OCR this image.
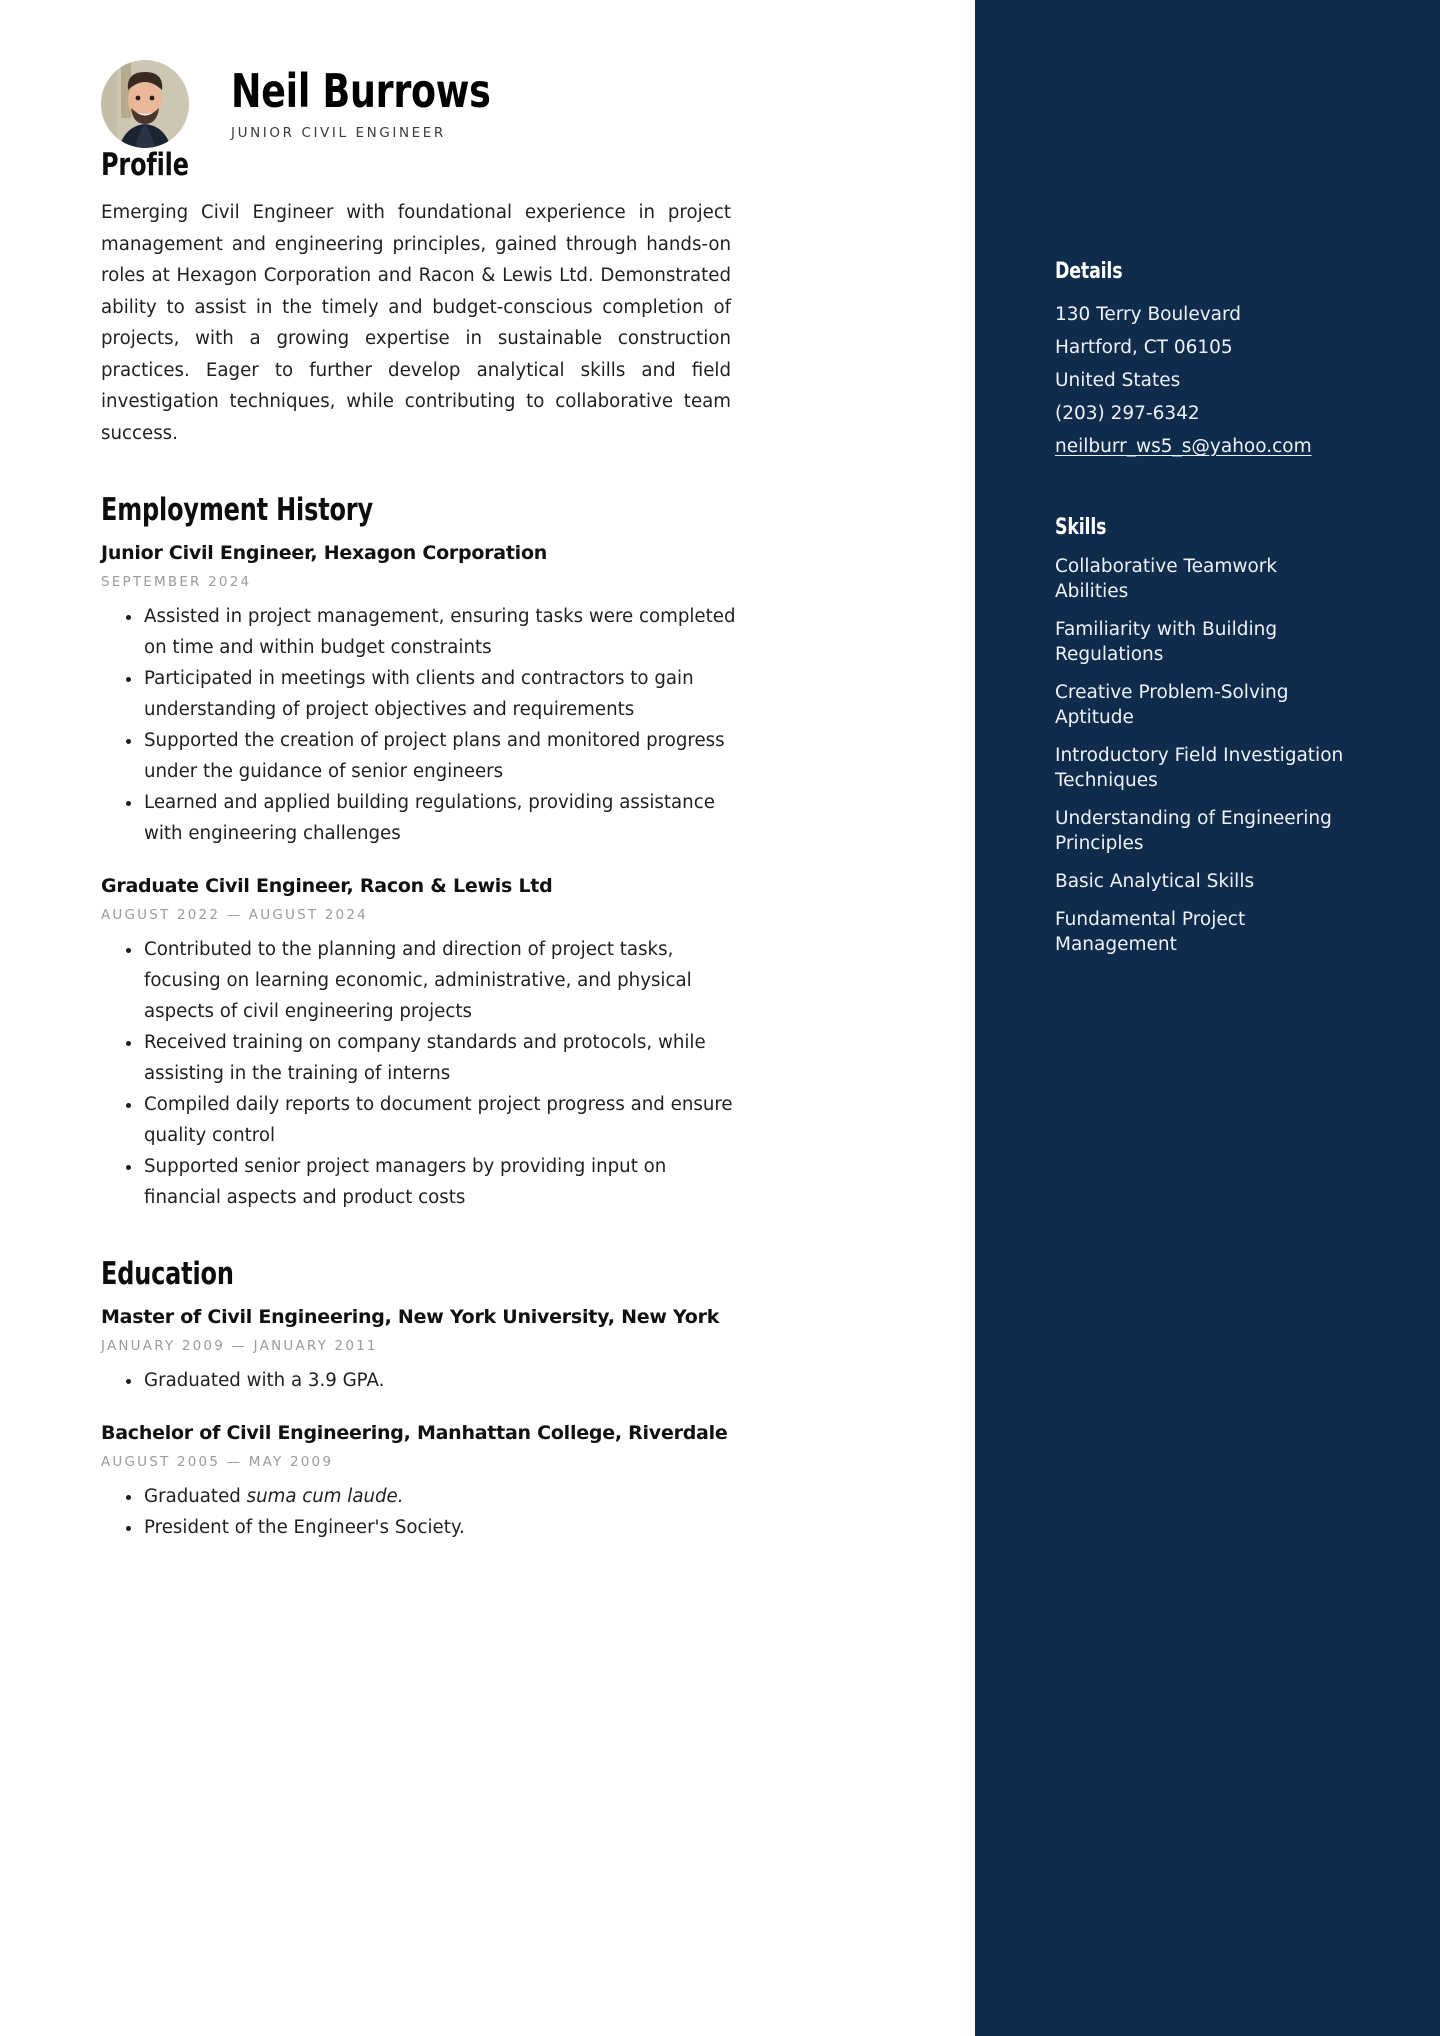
Neil Burrows
JUNIOR CIVIL ENGINEER
Profile

Emerging Civil Engineer with foundational experience in project management and engineering principles, gained through hands-on roles at Hexagon Corporation and Racon & Lewis Ltd. Demonstrated ability to assist in the timely and budget-conscious completion of projects, with a growing expertise in sustainable construction practices. Eager to further develop analytical skills and field investigation techniques, while contributing to collaborative team success.

Employment History
Junior Civil Engineer, Hexagon Corporation
SEPTEMBER 2024
Assisted in project management, ensuring tasks were completed on time and within budget constraints
Participated in meetings with clients and contractors to gain understanding of project objectives and requirements
Supported the creation of project plans and monitored progress under the guidance of senior engineers
Learned and applied building regulations, providing assistance with engineering challenges
Graduate Civil Engineer, Racon & Lewis Ltd
AUGUST 2022 — AUGUST 2024
Contributed to the planning and direction of project tasks, focusing on learning economic, administrative, and physical aspects of civil engineering projects
Received training on company standards and protocols, while assisting in the training of interns
Compiled daily reports to document project progress and ensure quality control
Supported senior project managers by providing input on financial aspects and product costs
Education
Master of Civil Engineering, New York University, New York
JANUARY 2009 — JANUARY 2011
Graduated with a 3.9 GPA.
Bachelor of Civil Engineering, Manhattan College, Riverdale
AUGUST 2005 — MAY 2009
Graduated suma cum laude.
President of the Engineer's Society.
Details
130 Terry Boulevard
Hartford, CT 06105
United States
(203) 297-6342
neilburr_ws5_s@yahoo.com
Skills
Collaborative Teamwork Abilities
Familiarity with Building Regulations
Creative Problem-Solving Aptitude
Introductory Field Investigation Techniques
Understanding of Engineering Principles
Basic Analytical Skills
Fundamental Project Management
